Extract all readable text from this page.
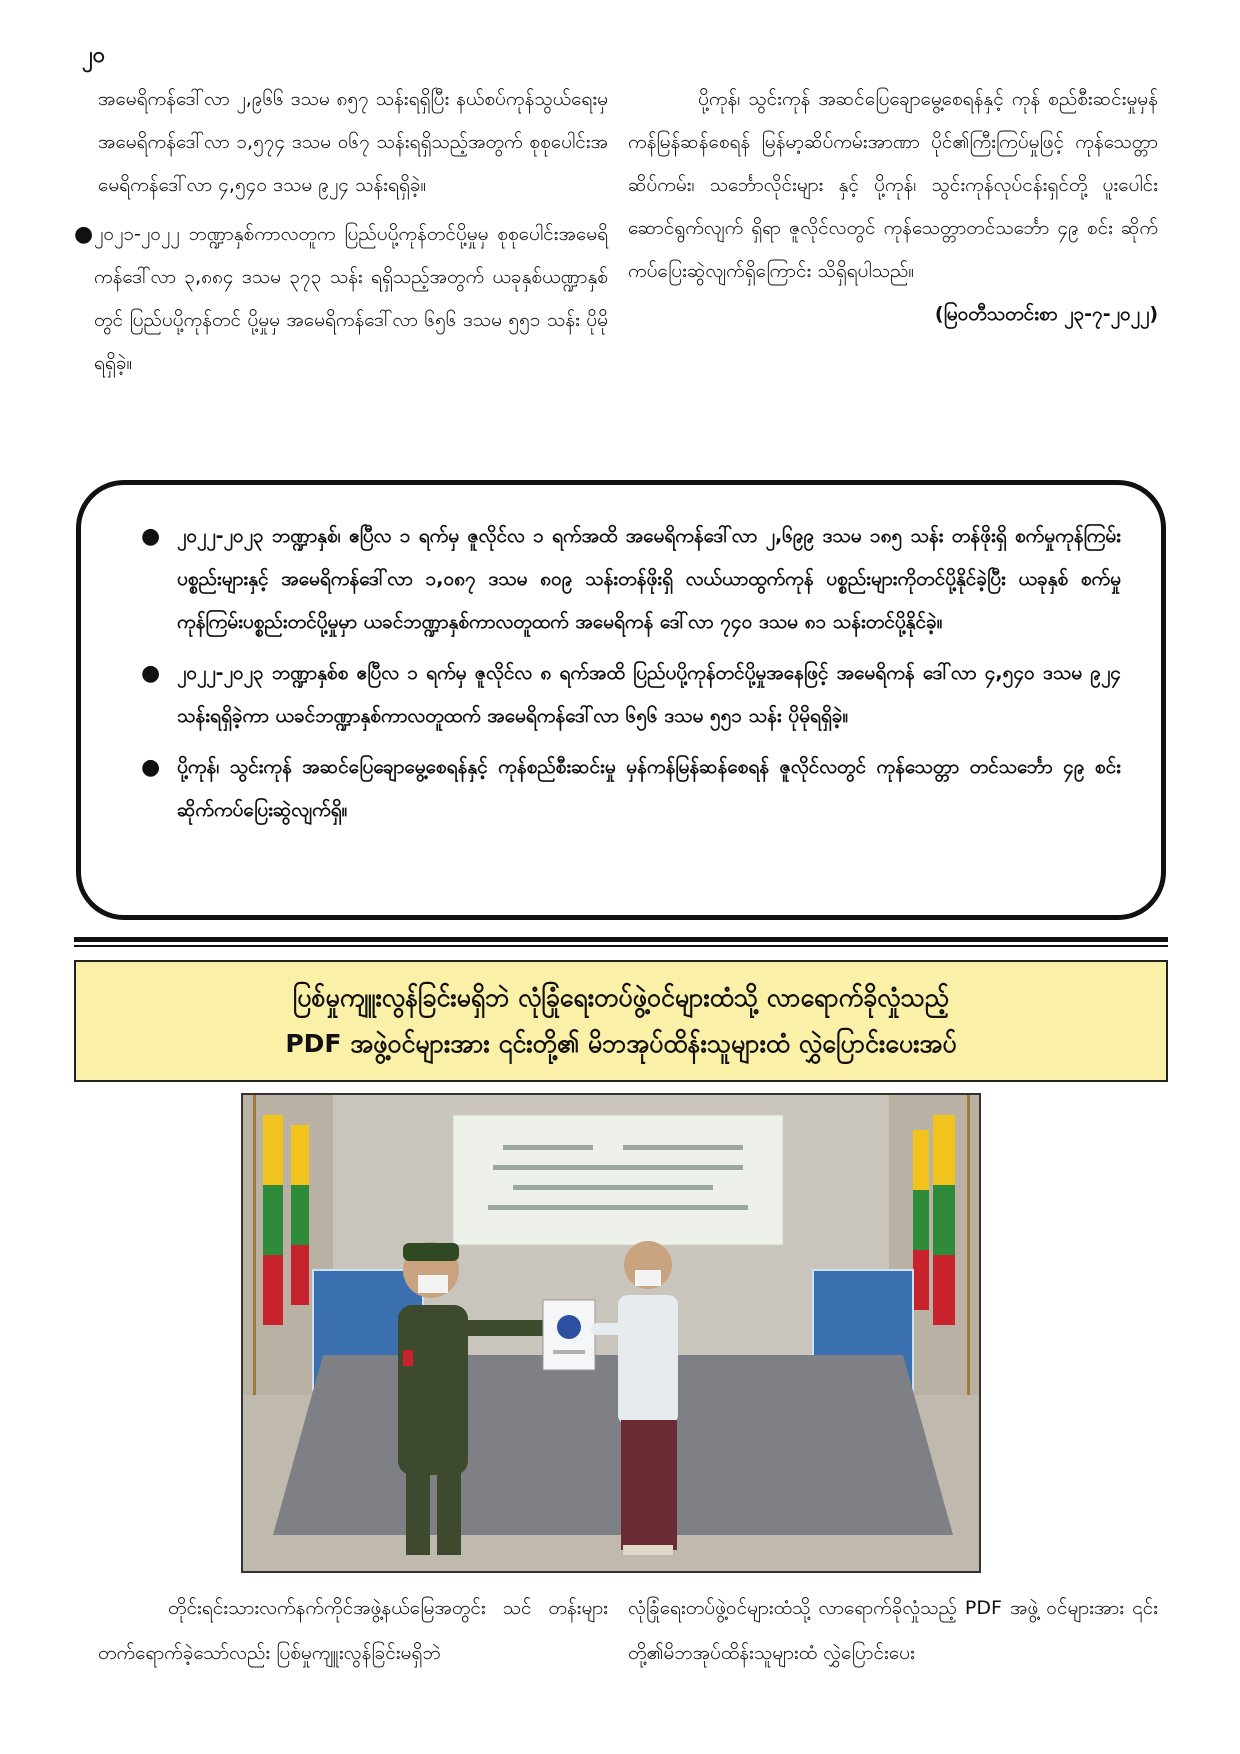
၂၀

အမေရိကန်ဒေါ်လာ ၂,၉၆၆ ဒသမ ၈၅၇ သန်းရရှိပြီး နယ်စပ်ကုန်သွယ်ရေးမှ အမေရိကန်ဒေါ်လာ ၁,၅၇၄ ဒသမ ၀၆၇ သန်းရရှိသည့်အတွက် စုစုပေါင်းအမေရိကန်ဒေါ်လာ ၄,၅၄၀ ဒသမ ၉၂၄ သန်းရရှိခဲ့။

● ၂၀၂၁-၂၀၂၂ ဘဏ္ဍာနှစ်ကာလတူက ပြည်ပပို့ကုန်တင်ပို့မှုမှ စုစုပေါင်းအမေရိကန်ဒေါ်လာ ၃,၈၈၄ ဒသမ ၃၇၃ သန်း ရရှိသည့်အတွက် ယခုနှစ်ယဏ္ဍာနှစ်တွင် ပြည်ပပို့ကုန်တင် ပို့မှုမှ အမေရိကန်ဒေါ်လာ ၆၅၆ ဒသမ ၅၅၁ သန်း ပိုမိုရရှိခဲ့။

ပို့ကုန်၊ သွင်းကုန် အဆင်ပြေချောမွေ့စေရန်နှင့် ကုန် စည်စီးဆင်းမှုမှန်ကန်မြန်ဆန်စေရန် မြန်မာ့ဆိပ်ကမ်းအာဏာ ပိုင်၏ကြီးကြပ်မှုဖြင့် ကုန်သေတ္တာဆိပ်ကမ်း၊ သင်္ဘောလိုင်းများ နှင့် ပို့ကုန်၊ သွင်းကုန်လုပ်ငန်းရှင်တို့ ပူးပေါင်းဆောင်ရွက်လျက် ရှိရာ ဇူလိုင်လတွင် ကုန်သေတ္တာတင်သင်္ဘော ၄၉ စင်း ဆိုက် ကပ်ပြေးဆွဲလျက်ရှိကြောင်း သိရှိရပါသည်။

(မြဝတီသတင်းစာ ၂၃-၇-၂၀၂၂)

● ၂၀၂၂-၂၀၂၃ ဘဏ္ဍာနှစ်၊ ဧပြီလ ၁ ရက်မှ ဇူလိုင်လ ၁ ရက်အထိ အမေရိကန်ဒေါ်လာ ၂,၆၉၉ ဒသမ ၁၈၅ သန်း တန်ဖိုးရှိ စက်မှုကုန်ကြမ်းပစ္စည်းများနှင့် အမေရိကန်ဒေါ်လာ ၁,၀၈၇ ဒသမ ၈၀၉ သန်းတန်ဖိုးရှိ လယ်ယာထွက်ကုန် ပစ္စည်းများကိုတင်ပို့နိုင်ခဲ့ပြီး ယခုနှစ် စက်မှုကုန်ကြမ်းပစ္စည်းတင်ပို့မှုမှာ ယခင်ဘဏ္ဍာနှစ်ကာလတူထက် အမေရိကန် ဒေါ်လာ ၇၄၀ ဒသမ ၈၁ သန်းတင်ပို့နိုင်ခဲ့။
● ၂၀၂၂-၂၀၂၃ ဘဏ္ဍာနှစ်စ ဧပြီလ ၁ ရက်မှ ဇူလိုင်လ ၈ ရက်အထိ ပြည်ပပို့ကုန်တင်ပို့မှုအနေဖြင့် အမေရိကန် ဒေါ်လာ ၄,၅၄၀ ဒသမ ၉၂၄ သန်းရရှိခဲ့ကာ ယခင်ဘဏ္ဍာနှစ်ကာလတူထက် အမေရိကန်ဒေါ်လာ ၆၅၆ ဒသမ ၅၅၁ သန်း ပိုမိုရရှိခဲ့။
● ပို့ကုန်၊ သွင်းကုန် အဆင်ပြေချောမွေ့စေရန်နှင့် ကုန်စည်စီးဆင်းမှု မှန်ကန်မြန်ဆန်စေရန် ဇူလိုင်လတွင် ကုန်သေတ္တာ တင်သင်္ဘော ၄၉ စင်း ဆိုက်ကပ်ပြေးဆွဲလျက်ရှိ။
ပြစ်မှုကျူးလွန်ခြင်းမရှိဘဲ လုံခြုံရေးတပ်ဖွဲ့ဝင်များထံသို့ လာရောက်ခိုလှုံသည့်
PDF အဖွဲ့ဝင်များအား ၎င်းတို့၏ မိဘအုပ်ထိန်းသူများထံ လွှဲပြောင်းပေးအပ်
တိုင်းရင်းသားလက်နက်ကိုင်အဖွဲ့နယ်မြေအတွင်း သင် တန်းများတက်ရောက်ခဲ့သော်လည်း ပြစ်မှုကျူးလွန်ခြင်းမရှိဘဲ
လုံခြုံရေးတပ်ဖွဲ့ဝင်များထံသို့ လာရောက်ခိုလှုံသည့် PDF အဖွဲ့ ဝင်များအား ၎င်းတို့၏မိဘအုပ်ထိန်းသူများထံ လွှဲပြောင်းပေး
